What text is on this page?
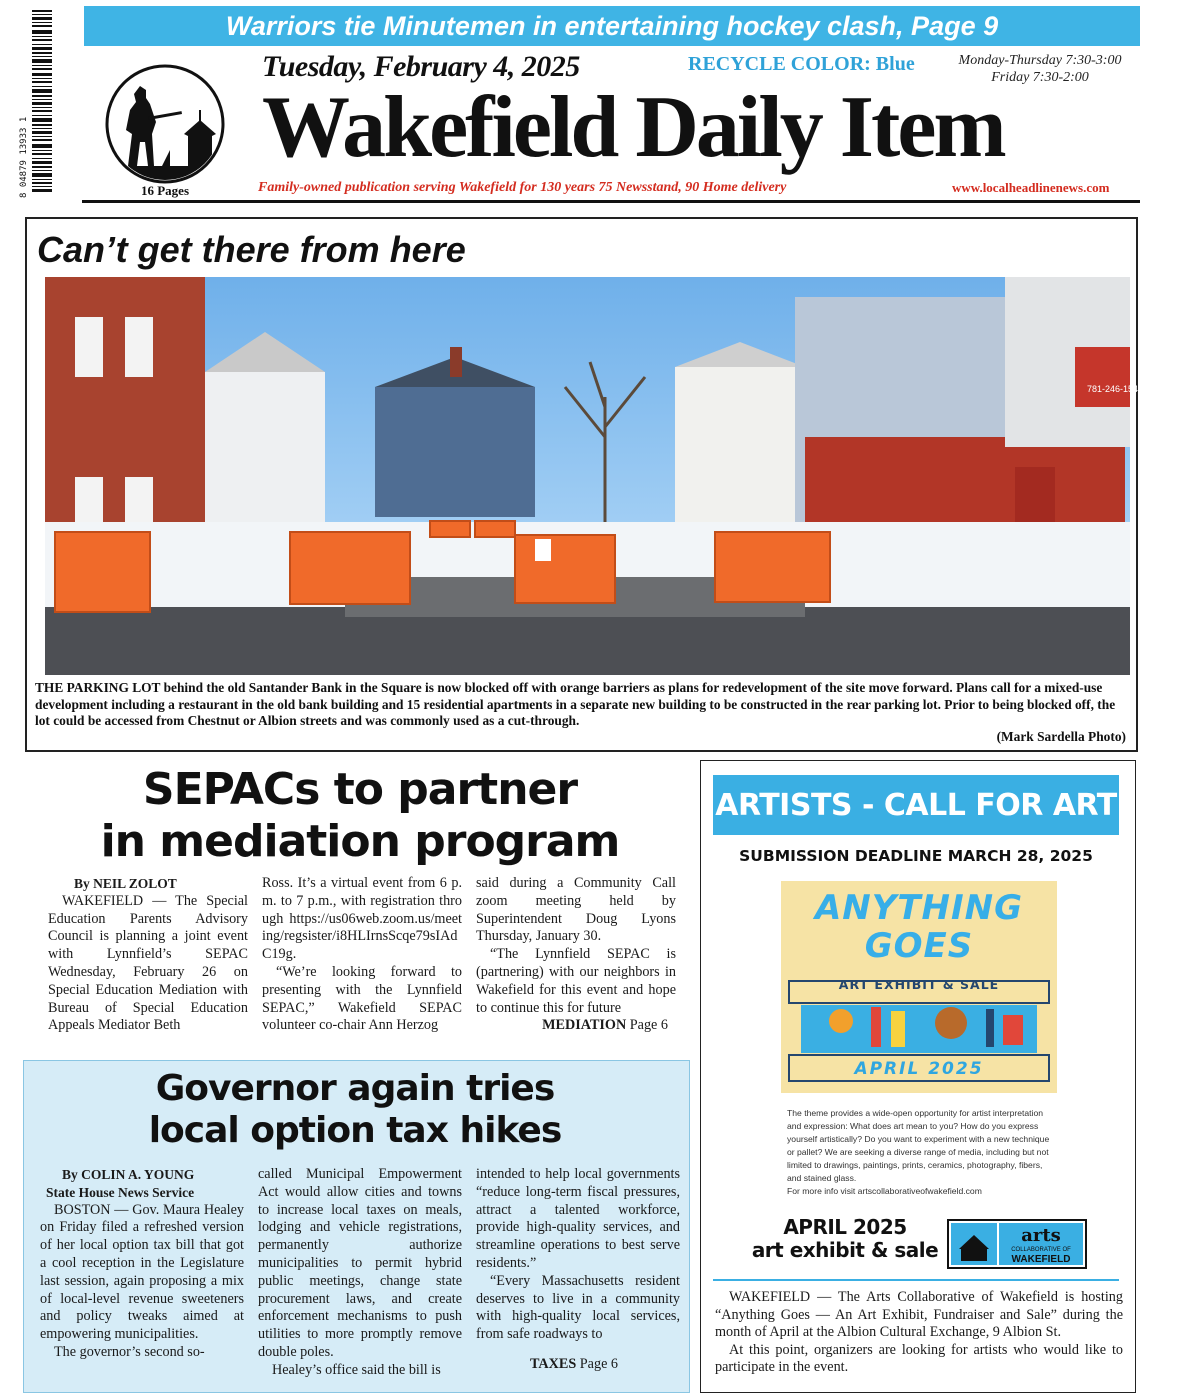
8 04879 13933 1
Warriors tie Minutemen in entertaining hockey clash, Page 9
16 Pages
Tuesday, February 4, 2025	RECYCLE COLOR: Blue	Monday-Thursday 7:30-3:00
Friday 7:30-2:00
Wakefield Daily Item
Family-owned publication serving Wakefield for 130 years 75 Newsstand, 90 Home delivery	www.localheadlinenews.com
Can’t get there from here
781-246-154
THE PARKING LOT behind the old Santander Bank in the Square is now blocked off with orange barriers as plans for redevelopment of the site move forward. Plans call for a mixed-use development including a restaurant in the old bank building and 15 residential apartments in a separate new building to be constructed in the rear parking lot. Prior to being blocked off, the lot could be accessed from Chestnut or Albion streets and was commonly used as a cut-through.
(Mark Sardella Photo)
SEPACs to partner
in mediation program
By NEIL ZOLOT
WAKEFIELD — The Special Education Parents Advisory Council is planning a joint event with Lynnfield’s SEPAC Wednesday, February 26 on Special Education Mediation with Bureau of Special Education Appeals Mediator Beth
Ross. It’s a virtual event from 6 p.m. to 7 p.m., with registration through https://us06web.zoom.us/meeting/regsister/i8HLIrnsScqe79sIAdC19g.
“We’re looking forward to presenting with the Lynnfield SEPAC,” Wakefield SEPAC volunteer co-chair Ann Herzog
said during a Community Call zoom meeting held by Superintendent Doug Lyons Thursday, January 30.
“The Lynnfield SEPAC is (partnering) with our neighbors in Wakefield for this event and hope to continue this for future
MEDIATION Page 6
Governor again tries
local option tax hikes
By COLIN A. YOUNG
State House News Service
BOSTON — Gov. Maura Healey on Friday filed a refreshed version of her local option tax bill that got a cool reception in the Legislature last session, again proposing a mix of local-level revenue sweeteners and policy tweaks aimed at empowering municipalities.
The governor’s second so-
called Municipal Empowerment Act would allow cities and towns to increase local taxes on meals, lodging and vehicle registrations, permanently authorize municipalities to permit hybrid public meetings, change state procurement laws, and create enforcement mechanisms to push utilities to more promptly remove double poles.
Healey’s office said the bill is
intended to help local governments “reduce long-term fiscal pressures, attract a talented workforce, provide high-quality services, and streamline operations to best serve residents.”
“Every Massachusetts resident deserves to live in a community with high-quality local services, from safe roadways to
TAXES Page 6
ARTISTS - CALL FOR ART
SUBMISSION DEADLINE MARCH 28, 2025
ANYTHING
GOES
ART EXHIBIT & SALE
APRIL 2025
The theme provides a wide-open opportunity for artist interpretation and expression: What does art mean to you? How do you express yourself artistically? Do you want to experiment with a new technique or pallet? We are seeking a diverse range of media, including but not limited to drawings, paintings, prints, ceramics, photography, fibers, and stained glass.
For more info visit artscollaborativeofwakefield.com
APRIL 2025
art exhibit & sale
arts
COLLABORATIVE OF
WAKEFIELD
WAKEFIELD — The Arts Collaborative of Wakefield is hosting “Anything Goes — An Art Exhibit, Fundraiser and Sale” during the month of April at the Albion Cultural Exchange, 9 Albion St.
At this point, organizers are looking for artists who would like to participate in the event.
